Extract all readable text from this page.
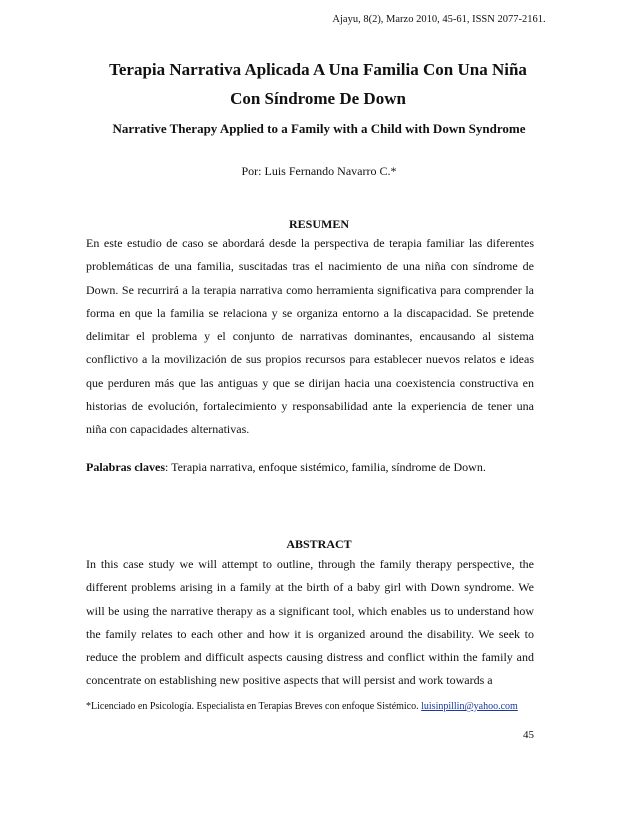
Ajayu, 8(2), Marzo 2010, 45-61, ISSN 2077-2161.
Terapia Narrativa Aplicada A Una Familia Con Una Niña
Con Síndrome De Down
Narrative Therapy Applied to a Family with a Child with Down Syndrome
Por: Luis Fernando Navarro C.*
RESUMEN
En este estudio de caso se abordará desde la perspectiva de terapia familiar las diferentes problemáticas de una familia, suscitadas tras el nacimiento de una niña con síndrome de Down. Se recurrirá a la terapia narrativa como herramienta significativa para comprender la forma en que la familia se relaciona y se organiza entorno a la discapacidad. Se pretende delimitar el problema y el conjunto de narrativas dominantes, encausando al sistema conflictivo a la movilización de sus propios recursos para establecer nuevos relatos e ideas que perduren más que las antiguas y que se dirijan hacia una coexistencia constructiva en historias de evolución, fortalecimiento y responsabilidad ante la experiencia de tener una niña con capacidades alternativas.
Palabras claves: Terapia narrativa, enfoque sistémico, familia, síndrome de Down.
ABSTRACT
In this case study we will attempt to outline, through the family therapy perspective, the different problems arising in a family at the birth of a baby girl with Down syndrome. We will be using the narrative therapy as a significant tool, which enables us to understand how the family relates to each other and how it is organized around the disability. We seek to reduce the problem and difficult aspects causing distress and conflict within the family and concentrate on establishing new positive aspects that will persist and work towards a
*Licenciado en Psicología. Especialista en Terapias Breves con enfoque Sistémico. luisinpillin@yahoo.com
45
